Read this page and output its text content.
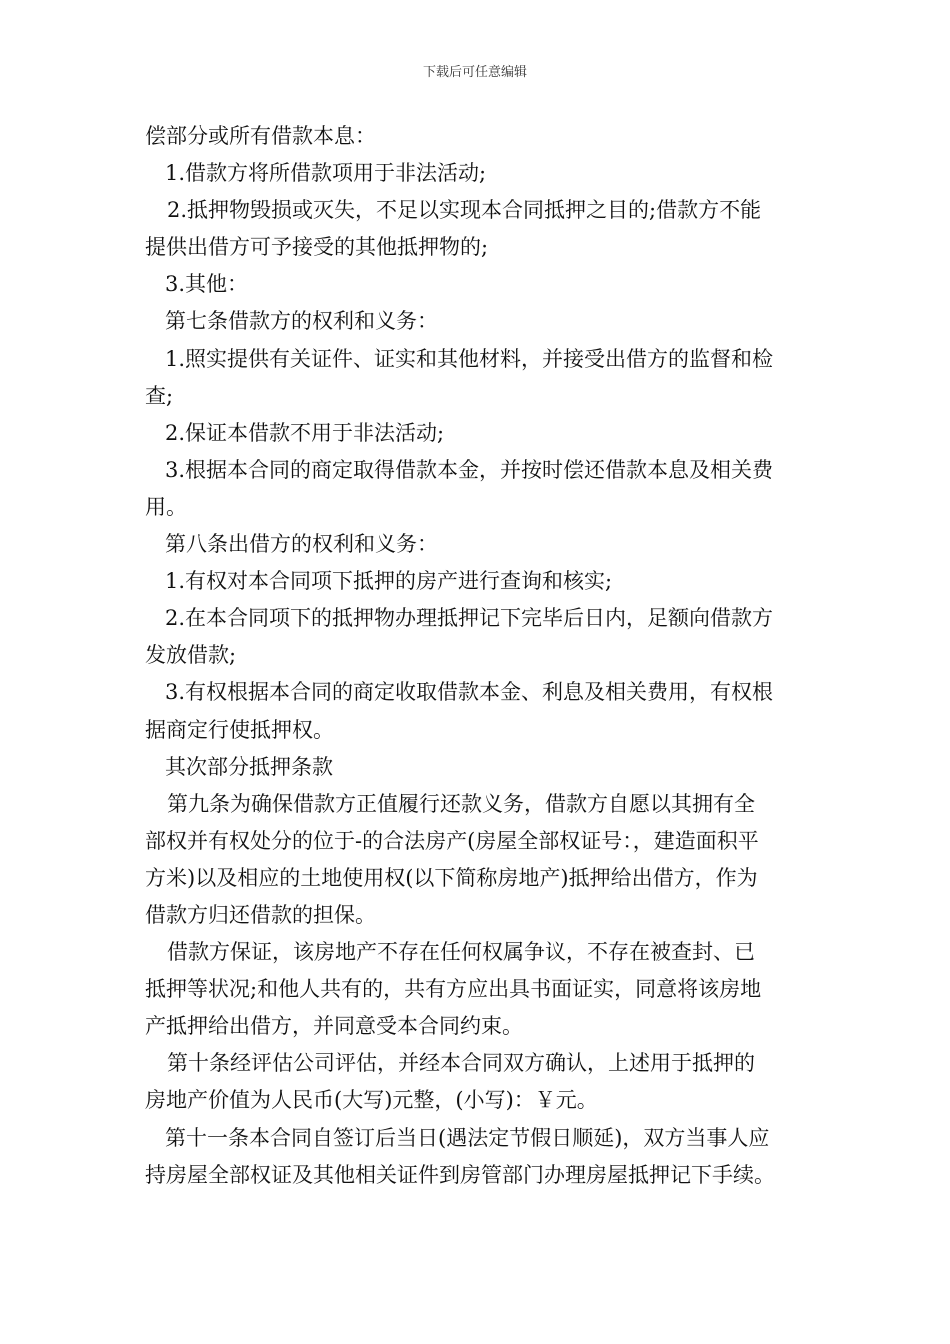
下载后可任意编辑
偿部分或所有借款本息：
1.借款方将所借款项用于非法活动;
2.抵押物毁损或灭失，不足以实现本合同抵押之目的;借款方不能
提供出借方可予接受的其他抵押物的;
3.其他：
第七条借款方的权利和义务：
1.照实提供有关证件、证实和其他材料，并接受出借方的监督和检
查;
2.保证本借款不用于非法活动;
3.根据本合同的商定取得借款本金，并按时偿还借款本息及相关费
用。
第八条出借方的权利和义务：
1.有权对本合同项下抵押的房产进行查询和核实;
2.在本合同项下的抵押物办理抵押记下完毕后日内，足额向借款方
发放借款;
3.有权根据本合同的商定收取借款本金、利息及相关费用，有权根
据商定行使抵押权。
其次部分抵押条款
第九条为确保借款方正值履行还款义务，借款方自愿以其拥有全
部权并有权处分的位于-的合法房产(房屋全部权证号：，建造面积平
方米)以及相应的土地使用权(以下简称房地产)抵押给出借方，作为
借款方归还借款的担保。
借款方保证，该房地产不存在任何权属争议，不存在被查封、已
抵押等状况;和他人共有的，共有方应出具书面证实，同意将该房地
产抵押给出借方，并同意受本合同约束。
第十条经评估公司评估，并经本合同双方确认，上述用于抵押的
房地产价值为人民币(大写)元整，(小写)：￥元。
第十一条本合同自签订后当日(遇法定节假日顺延)，双方当事人应
持房屋全部权证及其他相关证件到房管部门办理房屋抵押记下手续。
